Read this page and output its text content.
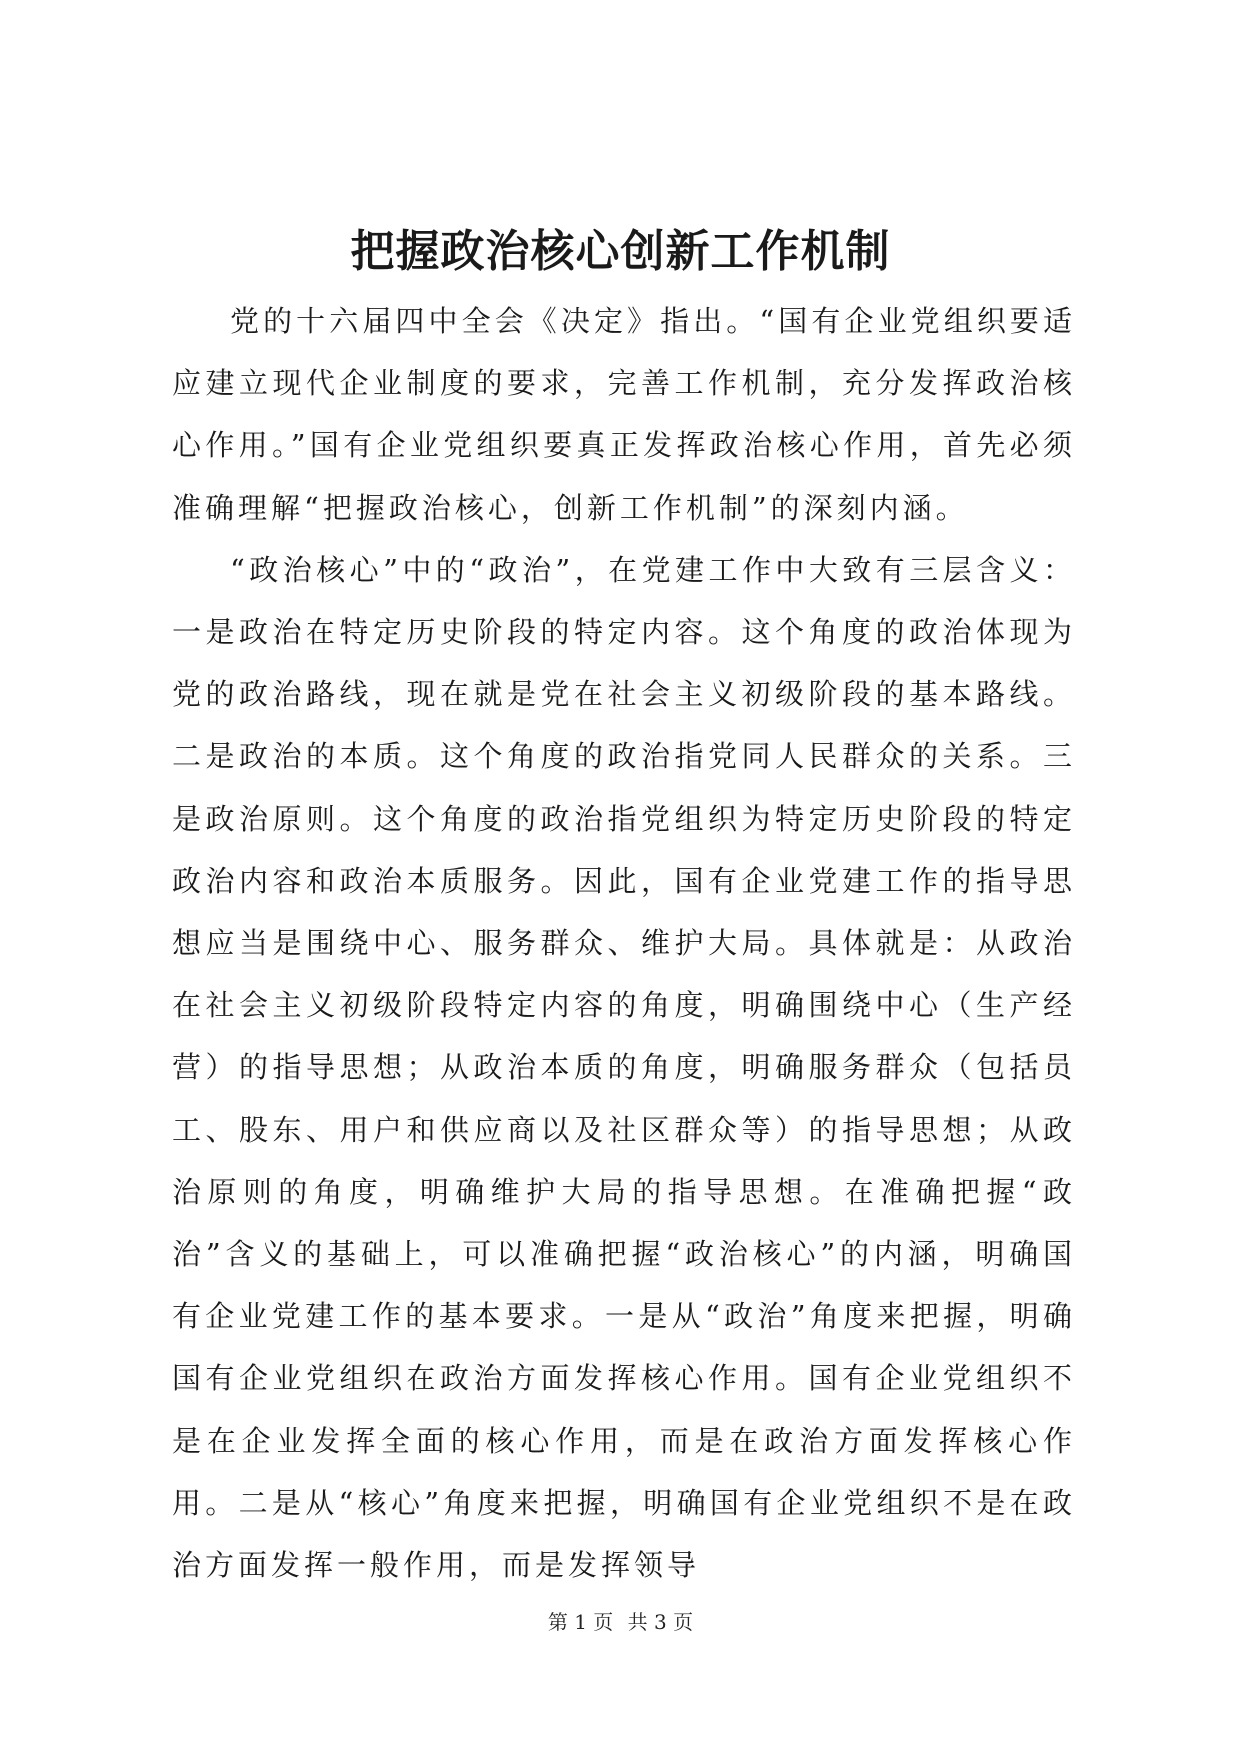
把握政治核心创新工作机制

党的十六届四中全会《决定》指出。“国有企业党组织要适应建立现代企业制度的要求，完善工作机制，充分发挥政治核心作用。”国有企业党组织要真正发挥政治核心作用，首先必须准确理解“把握政治核心，创新工作机制”的深刻内涵。

“政治核心”中的“政治”，在党建工作中大致有三层含义：一是政治在特定历史阶段的特定内容。这个角度的政治体现为党的政治路线，现在就是党在社会主义初级阶段的基本路线。二是政治的本质。这个角度的政治指党同人民群众的关系。三是政治原则。这个角度的政治指党组织为特定历史阶段的特定政治内容和政治本质服务。因此，国有企业党建工作的指导思想应当是围绕中心、服务群众、维护大局。具体就是：从政治在社会主义初级阶段特定内容的角度，明确围绕中心（生产经营）的指导思想；从政治本质的角度，明确服务群众（包括员工、股东、用户和供应商以及社区群众等）的指导思想；从政治原则的角度，明确维护大局的指导思想。在准确把握“政治”含义的基础上，可以准确把握“政治核心”的内涵，明确国有企业党建工作的基本要求。一是从“政治”角度来把握，明确国有企业党组织在政治方面发挥核心作用。国有企业党组织不是在企业发挥全面的核心作用，而是在政治方面发挥核心作用。二是从“核心”角度来把握，明确国有企业党组织不是在政治方面发挥一般作用，而是发挥领导

第 1 页 共 3 页
